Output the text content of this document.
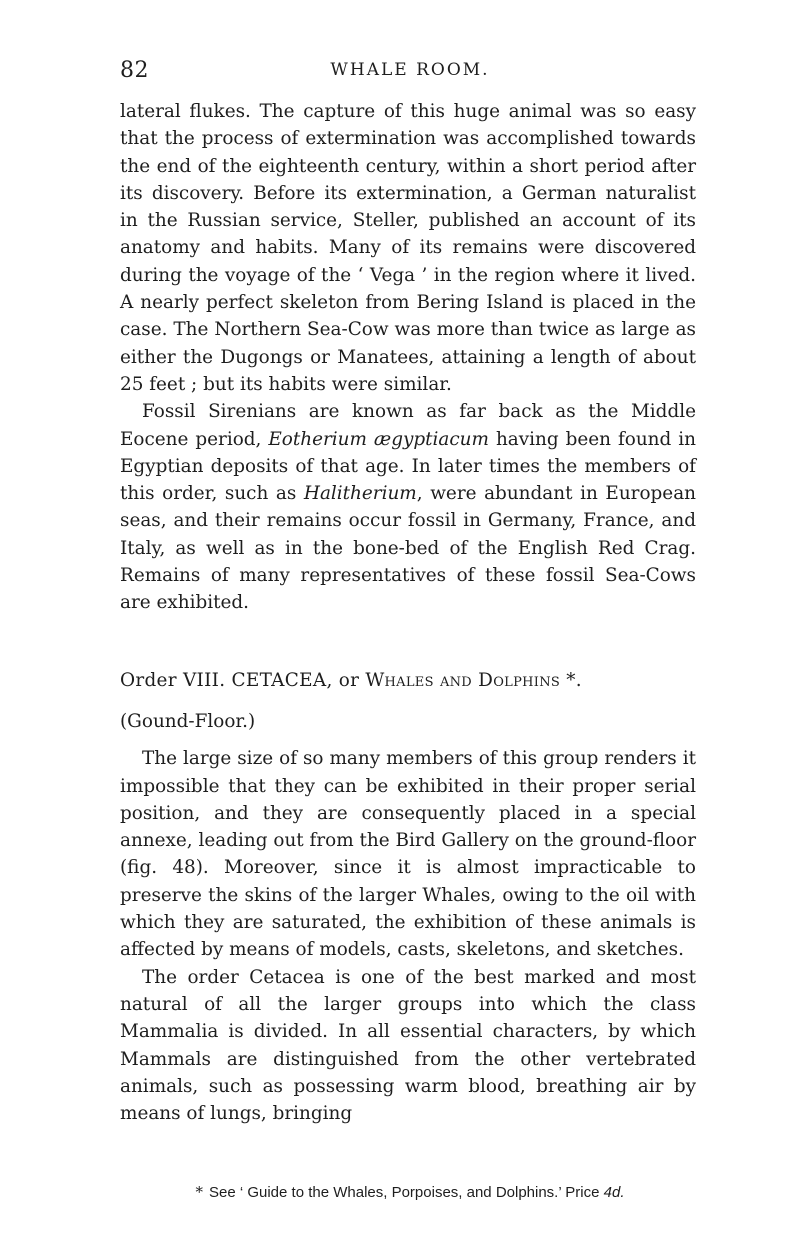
82	WHALE ROOM.

lateral flukes. The capture of this huge animal was so easy that the process of extermination was accomplished towards the end of the eighteenth century, within a short period after its discovery. Before its extermination, a German naturalist in the Russian service, Steller, published an account of its anatomy and habits. Many of its remains were discovered during the voyage of the ‘ Vega ’ in the region where it lived. A nearly perfect skeleton from Bering Island is placed in the case. The Northern Sea-Cow was more than twice as large as either the Dugongs or Manatees, attaining a length of about 25 feet ; but its habits were similar.

Fossil Sirenians are known as far back as the Middle Eocene period, Eotherium ægyptiacum having been found in Egyptian deposits of that age. In later times the members of this order, such as Halitherium, were abundant in European seas, and their remains occur fossil in Germany, France, and Italy, as well as in the bone-bed of the English Red Crag. Remains of many representatives of these fossil Sea-Cows are exhibited.

Order VIII. CETACEA, or Whales and Dolphins *.

(Gound-Floor.)

The large size of so many members of this group renders it impossible that they can be exhibited in their proper serial position, and they are consequently placed in a special annexe, leading out from the Bird Gallery on the ground-floor (fig. 48). Moreover, since it is almost impracticable to preserve the skins of the larger Whales, owing to the oil with which they are saturated, the exhibition of these animals is affected by means of models, casts, skeletons, and sketches.

The order Cetacea is one of the best marked and most natural of all the larger groups into which the class Mammalia is divided. In all essential characters, by which Mammals are distinguished from the other vertebrated animals, such as possessing warm blood, breathing air by means of lungs, bringing

* See ‘ Guide to the Whales, Porpoises, and Dolphins.’ Price 4d.
